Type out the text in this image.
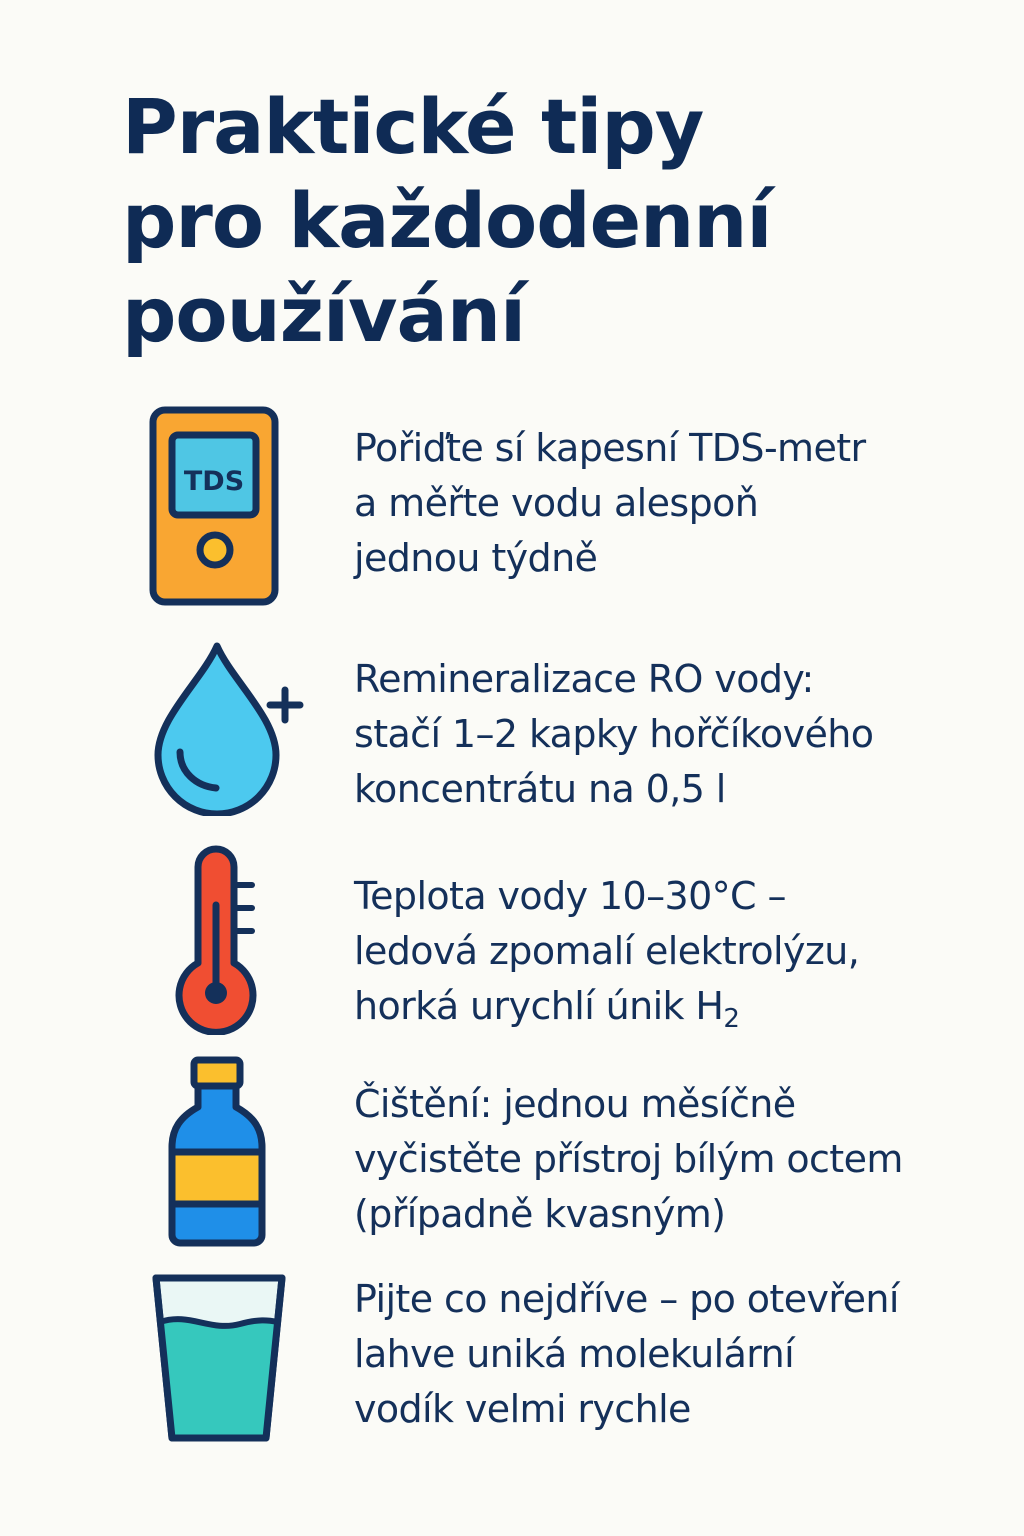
Praktické tipy
pro každodenní
používání
TDS
Pořiďte sí kapesní TDS-metr
a měřte vodu alespoň
jednou týdně
Remineralizace RO vody:
stačí 1–2 kapky hořčíkového
koncentrátu na 0,5 l
Teplota vody 10–30°C –
ledová zpomalí elektrolýzu,
horká urychlí únik $H_2$
Čištění: jednou měsíčně
vyčistěte přístroj bílým octem
(případně kvasným)
Pijte co nejdříve – po otevření
lahve uniká molekulární
vodík velmi rychle
